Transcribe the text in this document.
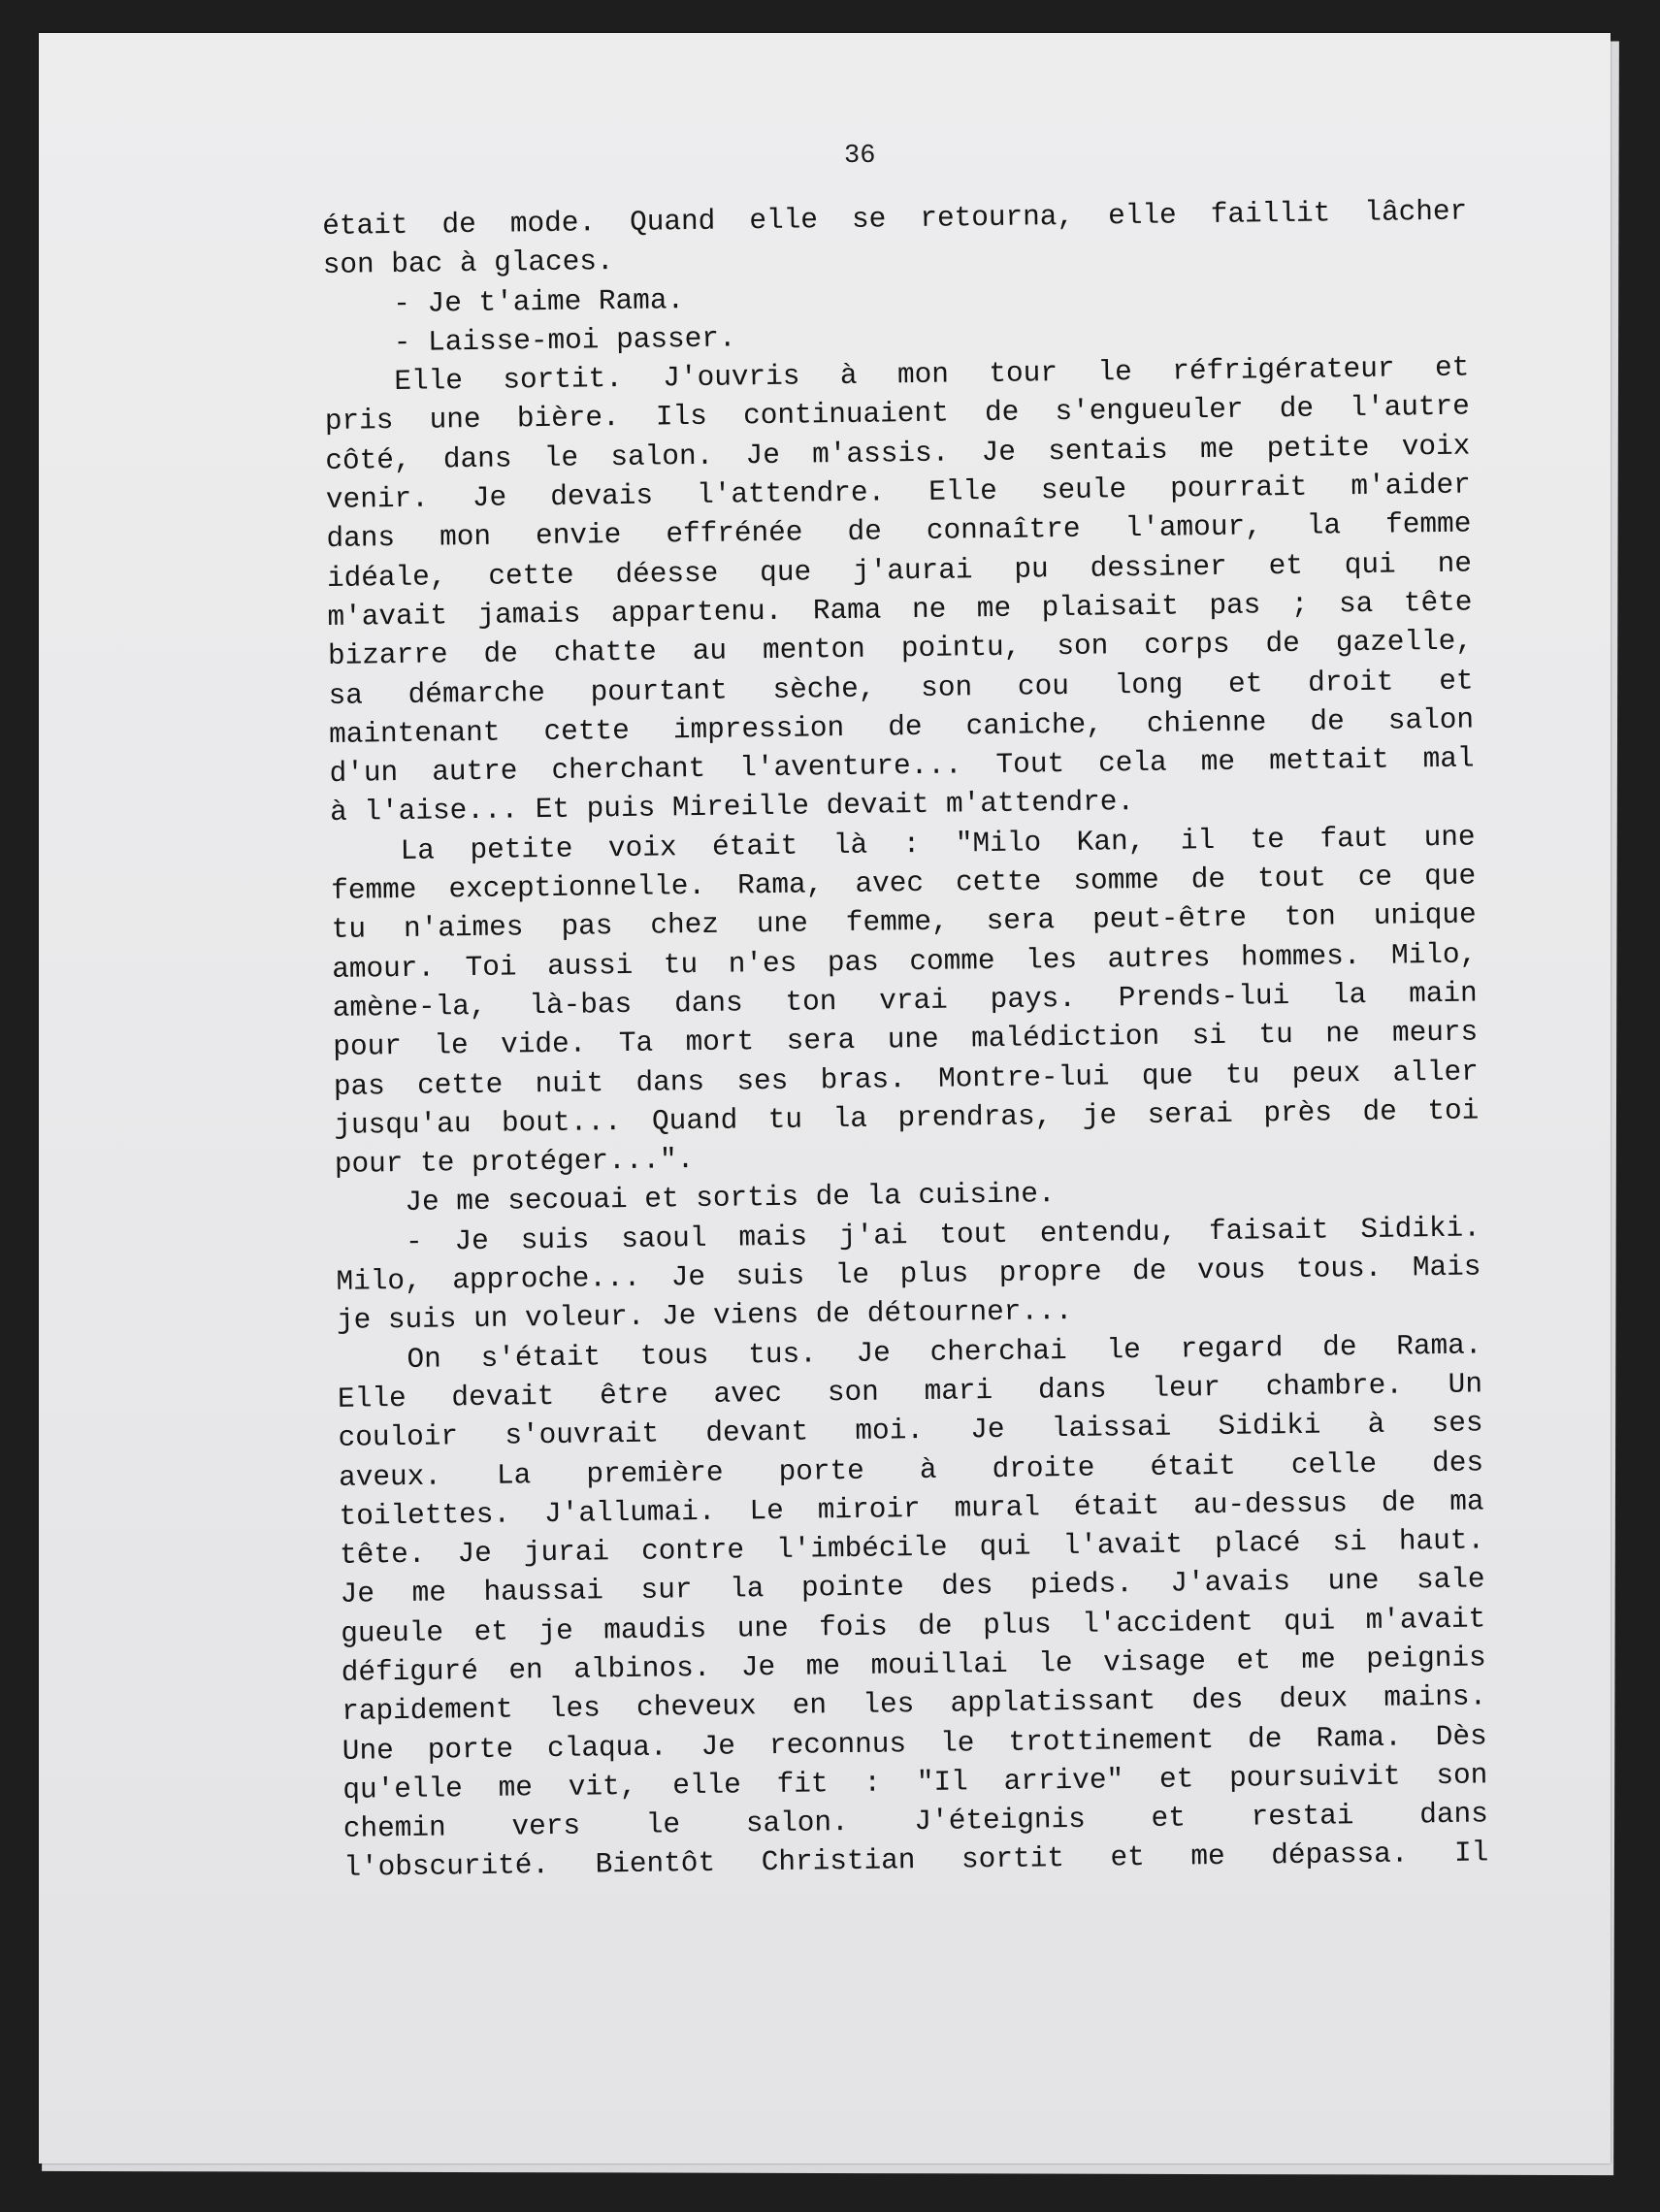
36
était de mode. Quand elle se retourna, elle faillit lâcher
son bac à glaces.
- Je t'aime Rama.
- Laisse-moi passer.
Elle sortit. J'ouvris à mon tour le réfrigérateur et
pris une bière. Ils continuaient de s'engueuler de l'autre
côté, dans le salon. Je m'assis. Je sentais me petite voix
venir. Je devais l'attendre. Elle seule pourrait m'aider
dans mon envie effrénée de connaître l'amour, la femme
idéale, cette déesse que j'aurai pu dessiner et qui ne
m'avait jamais appartenu. Rama ne me plaisait pas ; sa tête
bizarre de chatte au menton pointu, son corps de gazelle,
sa démarche pourtant sèche, son cou long et droit et
maintenant cette impression de caniche, chienne de salon
d'un autre cherchant l'aventure... Tout cela me mettait mal
à l'aise... Et puis Mireille devait m'attendre.
La petite voix était là : "Milo Kan, il te faut une
femme exceptionnelle. Rama, avec cette somme de tout ce que
tu n'aimes pas chez une femme, sera peut-être ton unique
amour. Toi aussi tu n'es pas comme les autres hommes. Milo,
amène-la, là-bas dans ton vrai pays. Prends-lui la main
pour le vide. Ta mort sera une malédiction si tu ne meurs
pas cette nuit dans ses bras. Montre-lui que tu peux aller
jusqu'au bout... Quand tu la prendras, je serai près de toi
pour te protéger...".
Je me secouai et sortis de la cuisine.
- Je suis saoul mais j'ai tout entendu, faisait Sidiki.
Milo, approche... Je suis le plus propre de vous tous. Mais
je suis un voleur. Je viens de détourner...
On s'était tous tus. Je cherchai le regard de Rama.
Elle devait être avec son mari dans leur chambre. Un
couloir s'ouvrait devant moi. Je laissai Sidiki à ses
aveux. La première porte à droite était celle des
toilettes. J'allumai. Le miroir mural était au-dessus de ma
tête. Je jurai contre l'imbécile qui l'avait placé si haut.
Je me haussai sur la pointe des pieds. J'avais une sale
gueule et je maudis une fois de plus l'accident qui m'avait
défiguré en albinos. Je me mouillai le visage et me peignis
rapidement les cheveux en les applatissant des deux mains.
Une porte claqua. Je reconnus le trottinement de Rama. Dès
qu'elle me vit, elle fit : "Il arrive" et poursuivit son
chemin vers le salon. J'éteignis et restai dans
l'obscurité. Bientôt Christian sortit et me dépassa. Il
